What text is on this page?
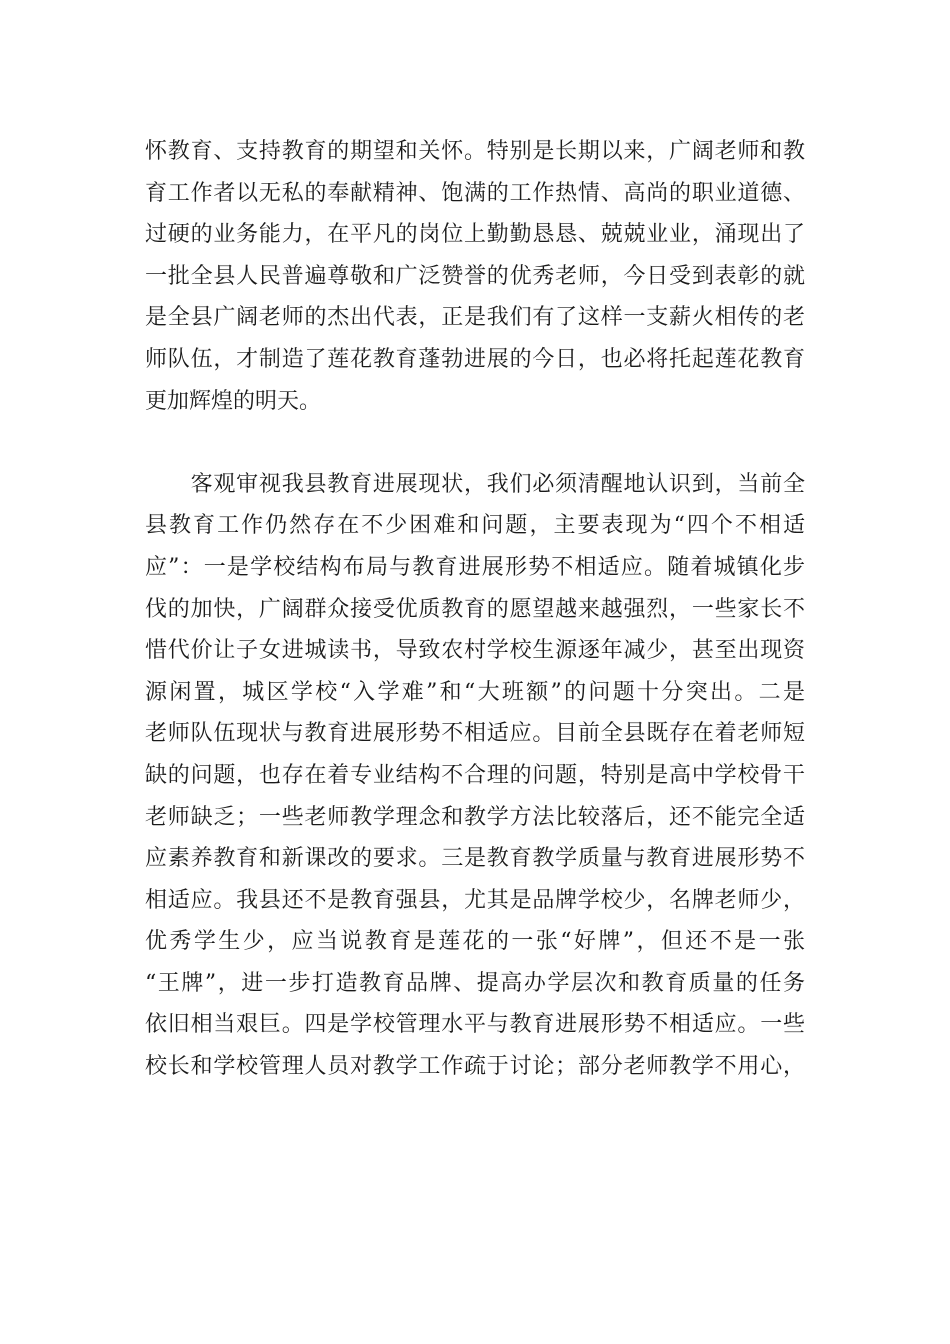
怀教育、支持教育的期望和关怀。特别是长期以来，广阔老师和教
育工作者以无私的奉献精神、饱满的工作热情、高尚的职业道德、
过硬的业务能力，在平凡的岗位上勤勤恳恳、兢兢业业，涌现出了
一批全县人民普遍尊敬和广泛赞誉的优秀老师，今日受到表彰的就
是全县广阔老师的杰出代表，正是我们有了这样一支薪火相传的老
师队伍，才制造了莲花教育蓬勃进展的今日，也必将托起莲花教育
更加辉煌的明天。
　　客观审视我县教育进展现状，我们必须清醒地认识到，当前全
县教育工作仍然存在不少困难和问题，主要表现为“四个不相适
应”：一是学校结构布局与教育进展形势不相适应。随着城镇化步
伐的加快，广阔群众接受优质教育的愿望越来越强烈，一些家长不
惜代价让子女进城读书，导致农村学校生源逐年减少，甚至出现资
源闲置，城区学校“入学难”和“大班额”的问题十分突出。二是
老师队伍现状与教育进展形势不相适应。目前全县既存在着老师短
缺的问题，也存在着专业结构不合理的问题，特别是高中学校骨干
老师缺乏；一些老师教学理念和教学方法比较落后，还不能完全适
应素养教育和新课改的要求。三是教育教学质量与教育进展形势不
相适应。我县还不是教育强县，尤其是品牌学校少，名牌老师少，
优秀学生少，应当说教育是莲花的一张“好牌”，但还不是一张
“王牌”，进一步打造教育品牌、提高办学层次和教育质量的任务
依旧相当艰巨。四是学校管理水平与教育进展形势不相适应。一些
校长和学校管理人员对教学工作疏于讨论；部分老师教学不用心，
